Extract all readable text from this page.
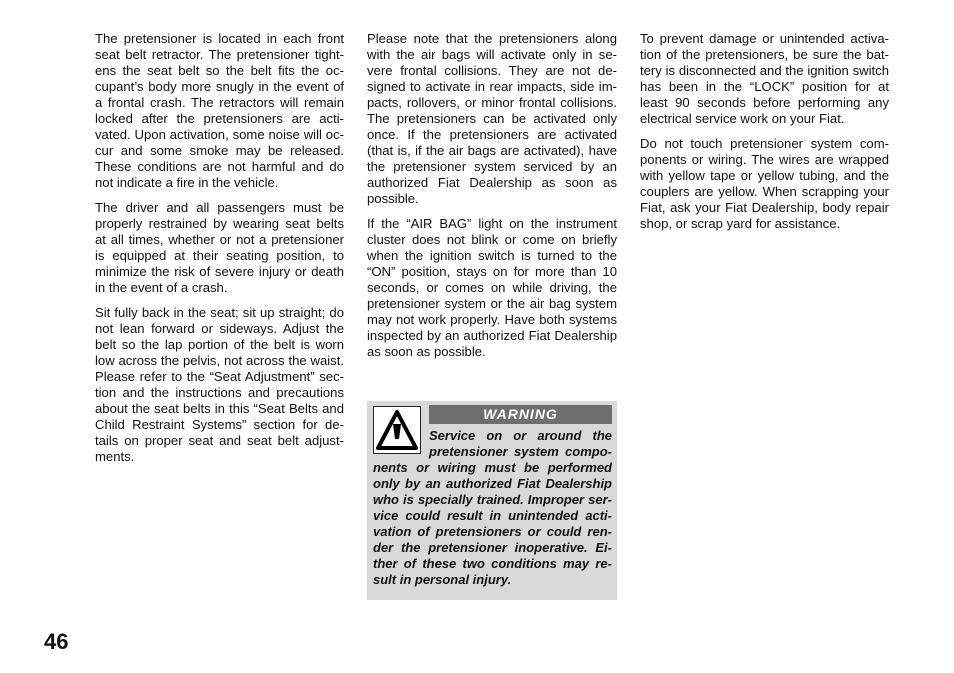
The pretensioner is located in each front seat belt retractor. The pretensioner tightens the seat belt so the belt fits the occupant’s body more snugly in the event of a frontal crash. The retractors will remain locked after the pretensioners are activated. Upon activation, some noise will occur and some smoke may be released. These conditions are not harmful and do not indicate a fire in the vehicle.

The driver and all passengers must be properly restrained by wearing seat belts at all times, whether or not a pretensioner is equipped at their seating position, to minimize the risk of severe injury or death in the event of a crash.

Sit fully back in the seat; sit up straight; do not lean forward or sideways. Adjust the belt so the lap portion of the belt is worn low across the pelvis, not across the waist. Please refer to the “Seat Adjustment” section and the instructions and precautions about the seat belts in this “Seat Belts and Child Restraint Systems” section for details on proper seat and seat belt adjustments.

Please note that the pretensioners along with the air bags will activate only in severe frontal collisions. They are not designed to activate in rear impacts, side impacts, rollovers, or minor frontal collisions. The pretensioners can be activated only once. If the pretensioners are activated (that is, if the air bags are activated), have the pretensioner system serviced by an authorized Fiat Dealership as soon as possible.

If the “AIR BAG” light on the instrument cluster does not blink or come on briefly when the ignition switch is turned to the “ON” position, stays on for more than 10 seconds, or comes on while driving, the pretensioner system or the air bag system may not work properly. Have both systems inspected by an authorized Fiat Dealership as soon as possible.

WARNING
Service on or around the pretensioner system components or wiring must be performed only by an authorized Fiat Dealership who is specially trained. Improper service could result in unintended activation of pretensioners or could render the pretensioner inoperative. Either of these two conditions may result in personal injury.

To prevent damage or unintended activation of the pretensioners, be sure the battery is disconnected and the ignition switch has been in the “LOCK” position for at least 90 seconds before performing any electrical service work on your Fiat.

Do not touch pretensioner system components or wiring. The wires are wrapped with yellow tape or yellow tubing, and the couplers are yellow. When scrapping your Fiat, ask your Fiat Dealership, body repair shop, or scrap yard for assistance.

46
